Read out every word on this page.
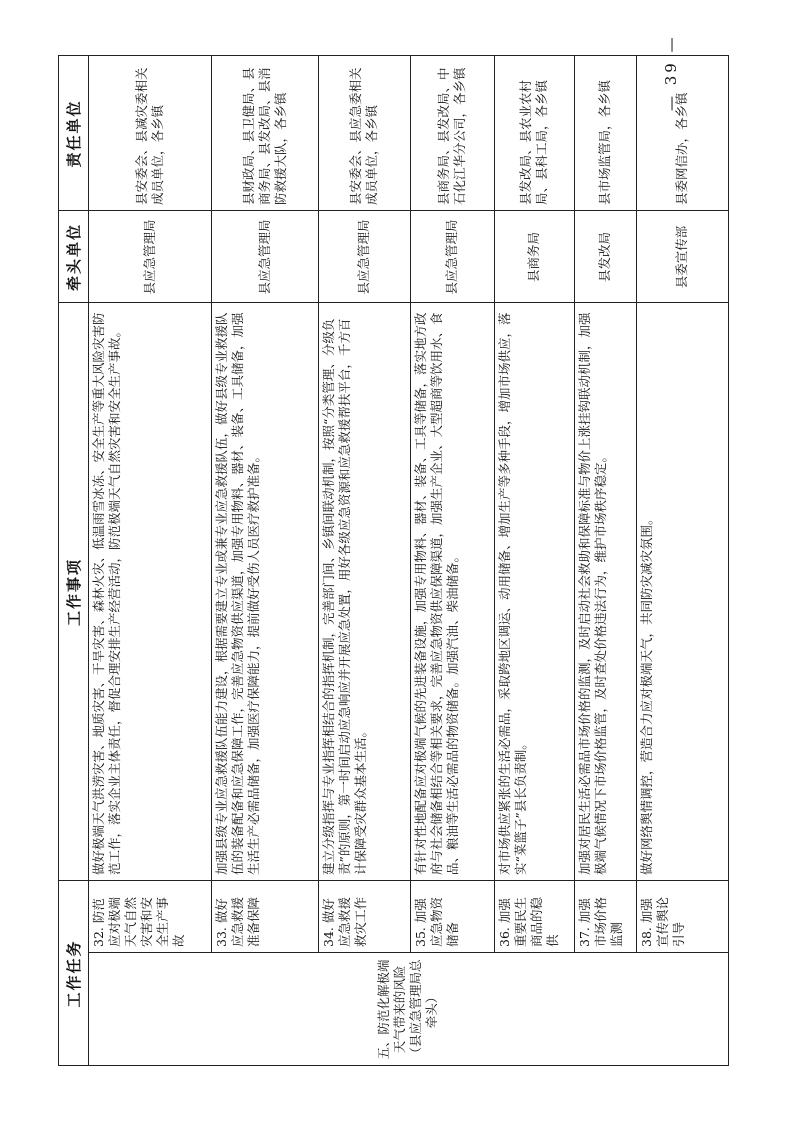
工作任务
工作事项
牵头单位
责任单位
五、防范化解极端天气带来的风险（县应急管理局总牵头）
32. 防范应对极端天气自然灾害和安全生产事故
做好极端天气洪涝灾害、地质灾害、干旱灾害、森林火灾、低温雨雪冰冻、安全生产等重大风险灾害防范工作，落实企业主体责任，督促合理安排生产经营活动，防范极端天气自然灾害和安全生产事故。
县应急管理局
县安委会、县减灾委相关成员单位，各乡镇
33. 做好应急救援准备保障
加强县级专业应急救援队伍能力建设，根据需要建立专业或兼专业应急救援队伍，做好县级专业救援队伍的装备配备和应急保障工作，完善应急物资供应渠道，加强专用物料、器材、装备、工具储备，加强生活生产必需品储备，加强医疗保障能力，提前做好受伤人员医疗救护准备。
县应急管理局
县财政局、县卫健局、县商务局、县发改局、县消防救援大队，各乡镇
34. 做好应急救援救灾工作
建立分级指挥与专业指挥相结合的指挥机制，完善部门间、乡镇间联动机制，按照“分类管理、分级负责”的原则，第一时间启动应急响应并开展应急处置，用好各级应急资源和应急救援帮扶平台，千方百计保障受灾群众基本生活。
县应急管理局
县安委会、县应急委相关成员单位，各乡镇
35. 加强应急物资储备
有针对性地配备应对极端气候的先进装备设施，加强专用物料、器材、装备、工具等储备，落实地方政府与社会储备相结合等相关要求，完善应急物资供应保障渠道，加强生产企业、大型超商等饮用水、食品、粮油等生活必需品的物资储备。加强汽油、柴油储备。
县应急管理局
县商务局、县发改局、中石化江华分公司，各乡镇
36. 加强重要民生商品的稳供
对市场供应紧张的生活必需品，采取跨地区调运、动用储备、增加生产等多种手段，增加市场供应，落实“菜篮子”县长负责制。
县商务局
县发改局、县农业农村局、县科工局，各乡镇
37. 加强市场价格监测
加强对居民生活必需品市场价格的监测，及时启动社会救助和保障标准与物价上涨挂钩联动机制，加强极端气候情况下市场价格监管，及时查处价格违法行为，维护市场秩序稳定。
县发改局
县市场监管局，各乡镇
38. 加强宣传舆论引导
做好网络舆情调控，营造合力应对极端天气，共同防灾减灾氛围。
县委宣传部
县委网信办，各乡镇
— 39 —
